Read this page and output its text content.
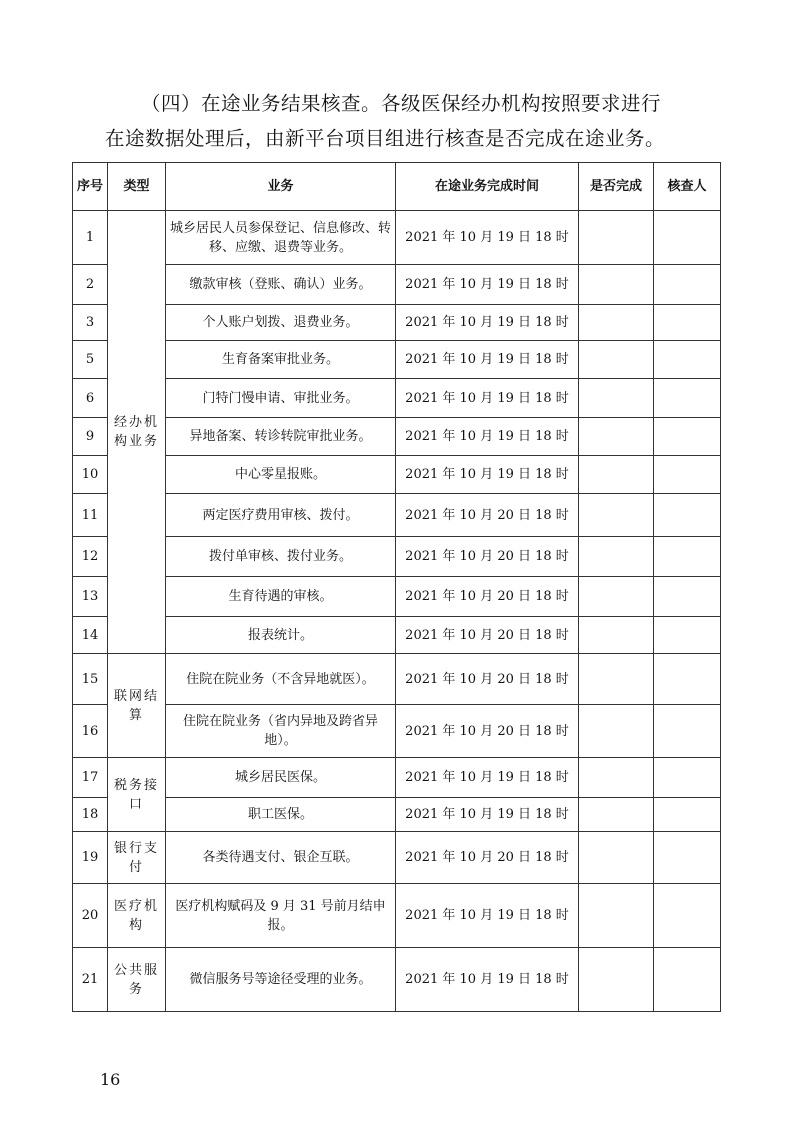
（四）在途业务结果核查。各级医保经办机构按照要求进行

在途数据处理后，由新平台项目组进行核查是否完成在途业务。

序号	类型	业务	在途业务完成时间	是否完成	核查人
1	经办机构业务	城乡居民人员参保登记、信息修改、转移、应缴、退费等业务。	2021 年 10 月 19 日 18 时		
2		缴款审核（登账、确认）业务。	2021 年 10 月 19 日 18 时		
3		个人账户划拨、退费业务。	2021 年 10 月 19 日 18 时		
5		生育备案审批业务。	2021 年 10 月 19 日 18 时		
6		门特门慢申请、审批业务。	2021 年 10 月 19 日 18 时		
9		异地备案、转诊转院审批业务。	2021 年 10 月 19 日 18 时		
10		中心零星报账。	2021 年 10 月 19 日 18 时		
11		两定医疗费用审核、拨付。	2021 年 10 月 20 日 18 时		
12		拨付单审核、拨付业务。	2021 年 10 月 20 日 18 时		
13		生育待遇的审核。	2021 年 10 月 20 日 18 时		
14		报表统计。	2021 年 10 月 20 日 18 时		
15	联网结算	住院在院业务（不含异地就医）。	2021 年 10 月 20 日 18 时		
16		住院在院业务（省内异地及跨省异地）。	2021 年 10 月 20 日 18 时		
17	税务接口	城乡居民医保。	2021 年 10 月 19 日 18 时		
18		职工医保。	2021 年 10 月 19 日 18 时		
19	银行支付	各类待遇支付、银企互联。	2021 年 10 月 20 日 18 时		
20	医疗机构	医疗机构赋码及 9 月 31 号前月结申报。	2021 年 10 月 19 日 18 时		
21	公共服务	微信服务号等途径受理的业务。	2021 年 10 月 19 日 18 时		
16
